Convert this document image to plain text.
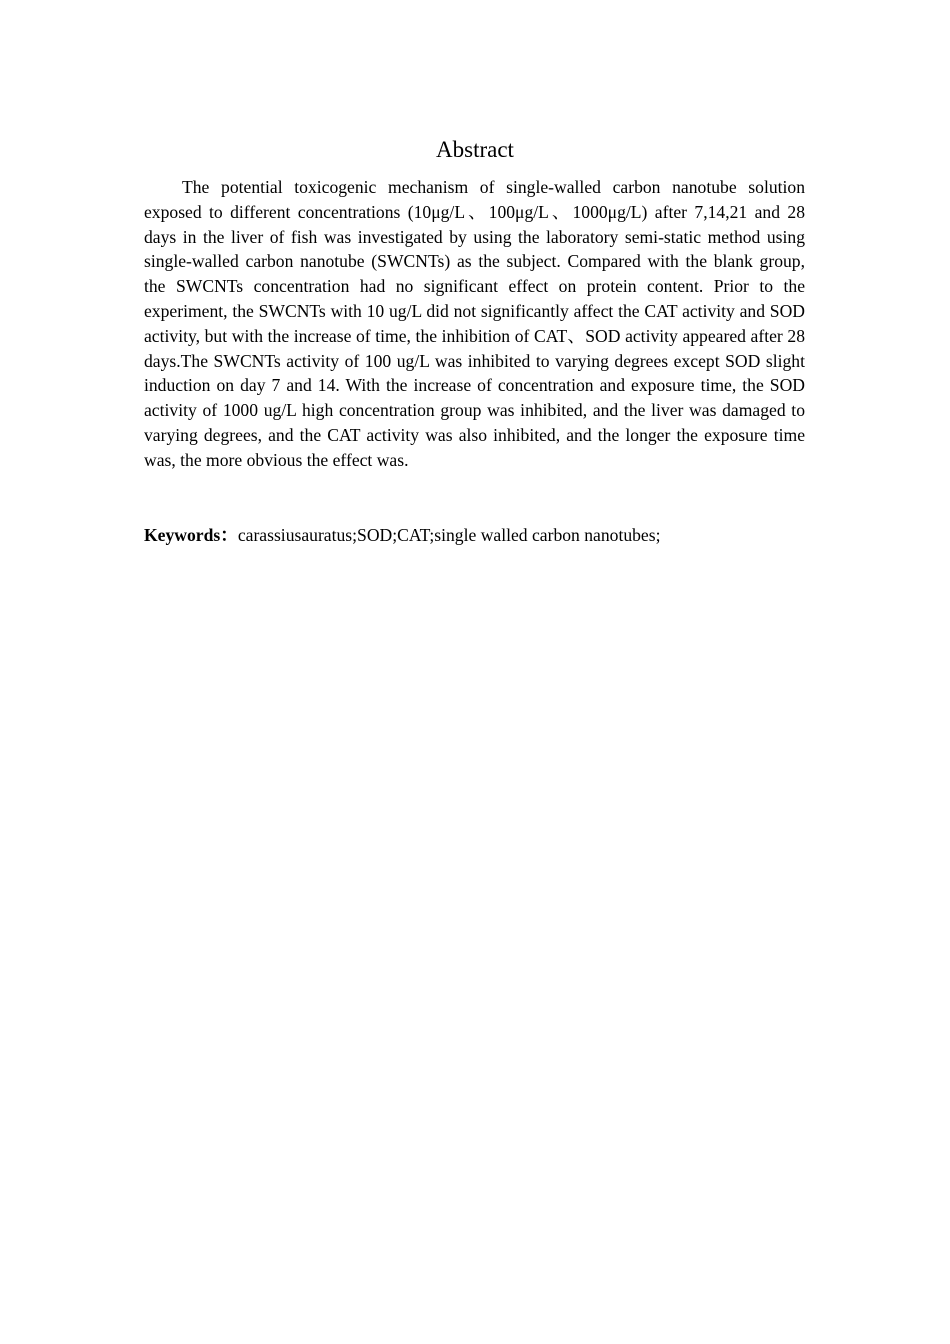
Abstract

The potential toxicogenic mechanism of single-walled carbon nanotube solution exposed to different concentrations (10μg/L、100μg/L、1000μg/L) after 7,14,21 and 28 days in the liver of fish was investigated by using the laboratory semi-static method using single-walled carbon nanotube (SWCNTs) as the subject. Compared with the blank group, the SWCNTs concentration had no significant effect on protein content. Prior to the experiment, the SWCNTs with 10 ug/L did not significantly affect the CAT activity and SOD activity, but with the increase of time, the inhibition of CAT、SOD activity appeared after 28 days.The SWCNTs activity of 100 ug/L was inhibited to varying degrees except SOD slight induction on day 7 and 14. With the increase of concentration and exposure time, the SOD activity of 1000 ug/L high concentration group was inhibited, and the liver was damaged to varying degrees, and the CAT activity was also inhibited, and the longer the exposure time was, the more obvious the effect was.

Keywords：carassiusauratus;SOD;CAT;single walled carbon nanotubes;
